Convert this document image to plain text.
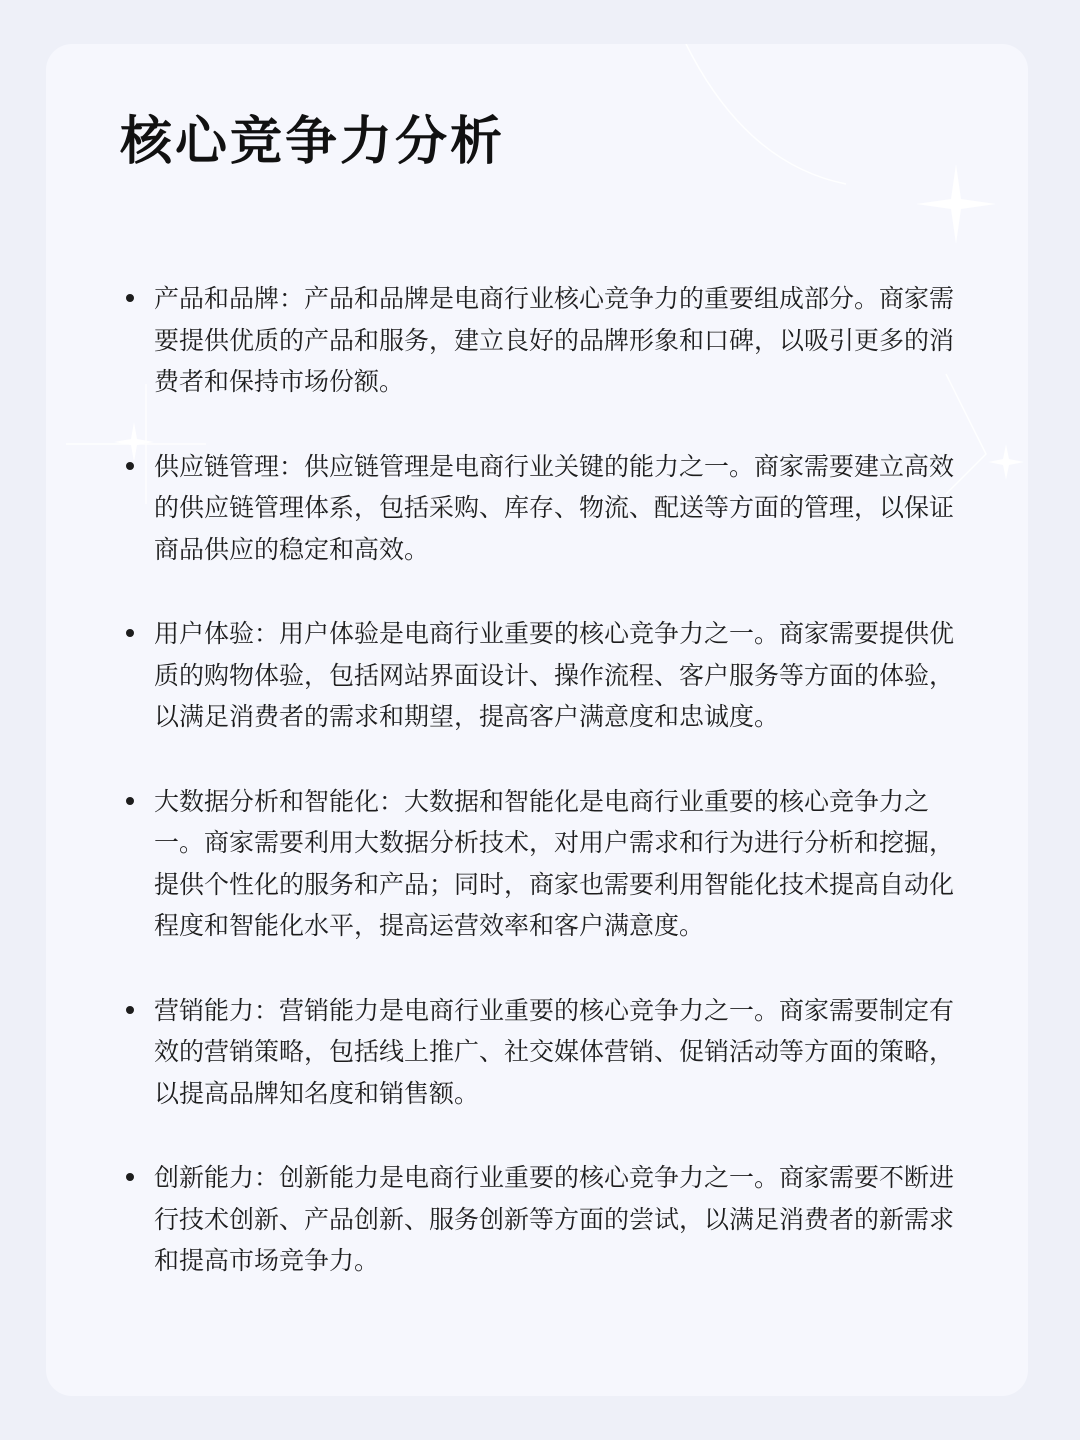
核心竞争力分析
产品和品牌：产品和品牌是电商行业核心竞争力的重要组成部分。商家需要提供优质的产品和服务，建立良好的品牌形象和口碑，以吸引更多的消费者和保持市场份额。
供应链管理：供应链管理是电商行业关键的能力之一。商家需要建立高效的供应链管理体系，包括采购、库存、物流、配送等方面的管理，以保证商品供应的稳定和高效。
用户体验：用户体验是电商行业重要的核心竞争力之一。商家需要提供优质的购物体验，包括网站界面设计、操作流程、客户服务等方面的体验，以满足消费者的需求和期望，提高客户满意度和忠诚度。
大数据分析和智能化：大数据和智能化是电商行业重要的核心竞争力之一。商家需要利用大数据分析技术，对用户需求和行为进行分析和挖掘，提供个性化的服务和产品；同时，商家也需要利用智能化技术提高自动化程度和智能化水平，提高运营效率和客户满意度。
营销能力：营销能力是电商行业重要的核心竞争力之一。商家需要制定有效的营销策略，包括线上推广、社交媒体营销、促销活动等方面的策略，以提高品牌知名度和销售额。
创新能力：创新能力是电商行业重要的核心竞争力之一。商家需要不断进行技术创新、产品创新、服务创新等方面的尝试，以满足消费者的新需求和提高市场竞争力。
